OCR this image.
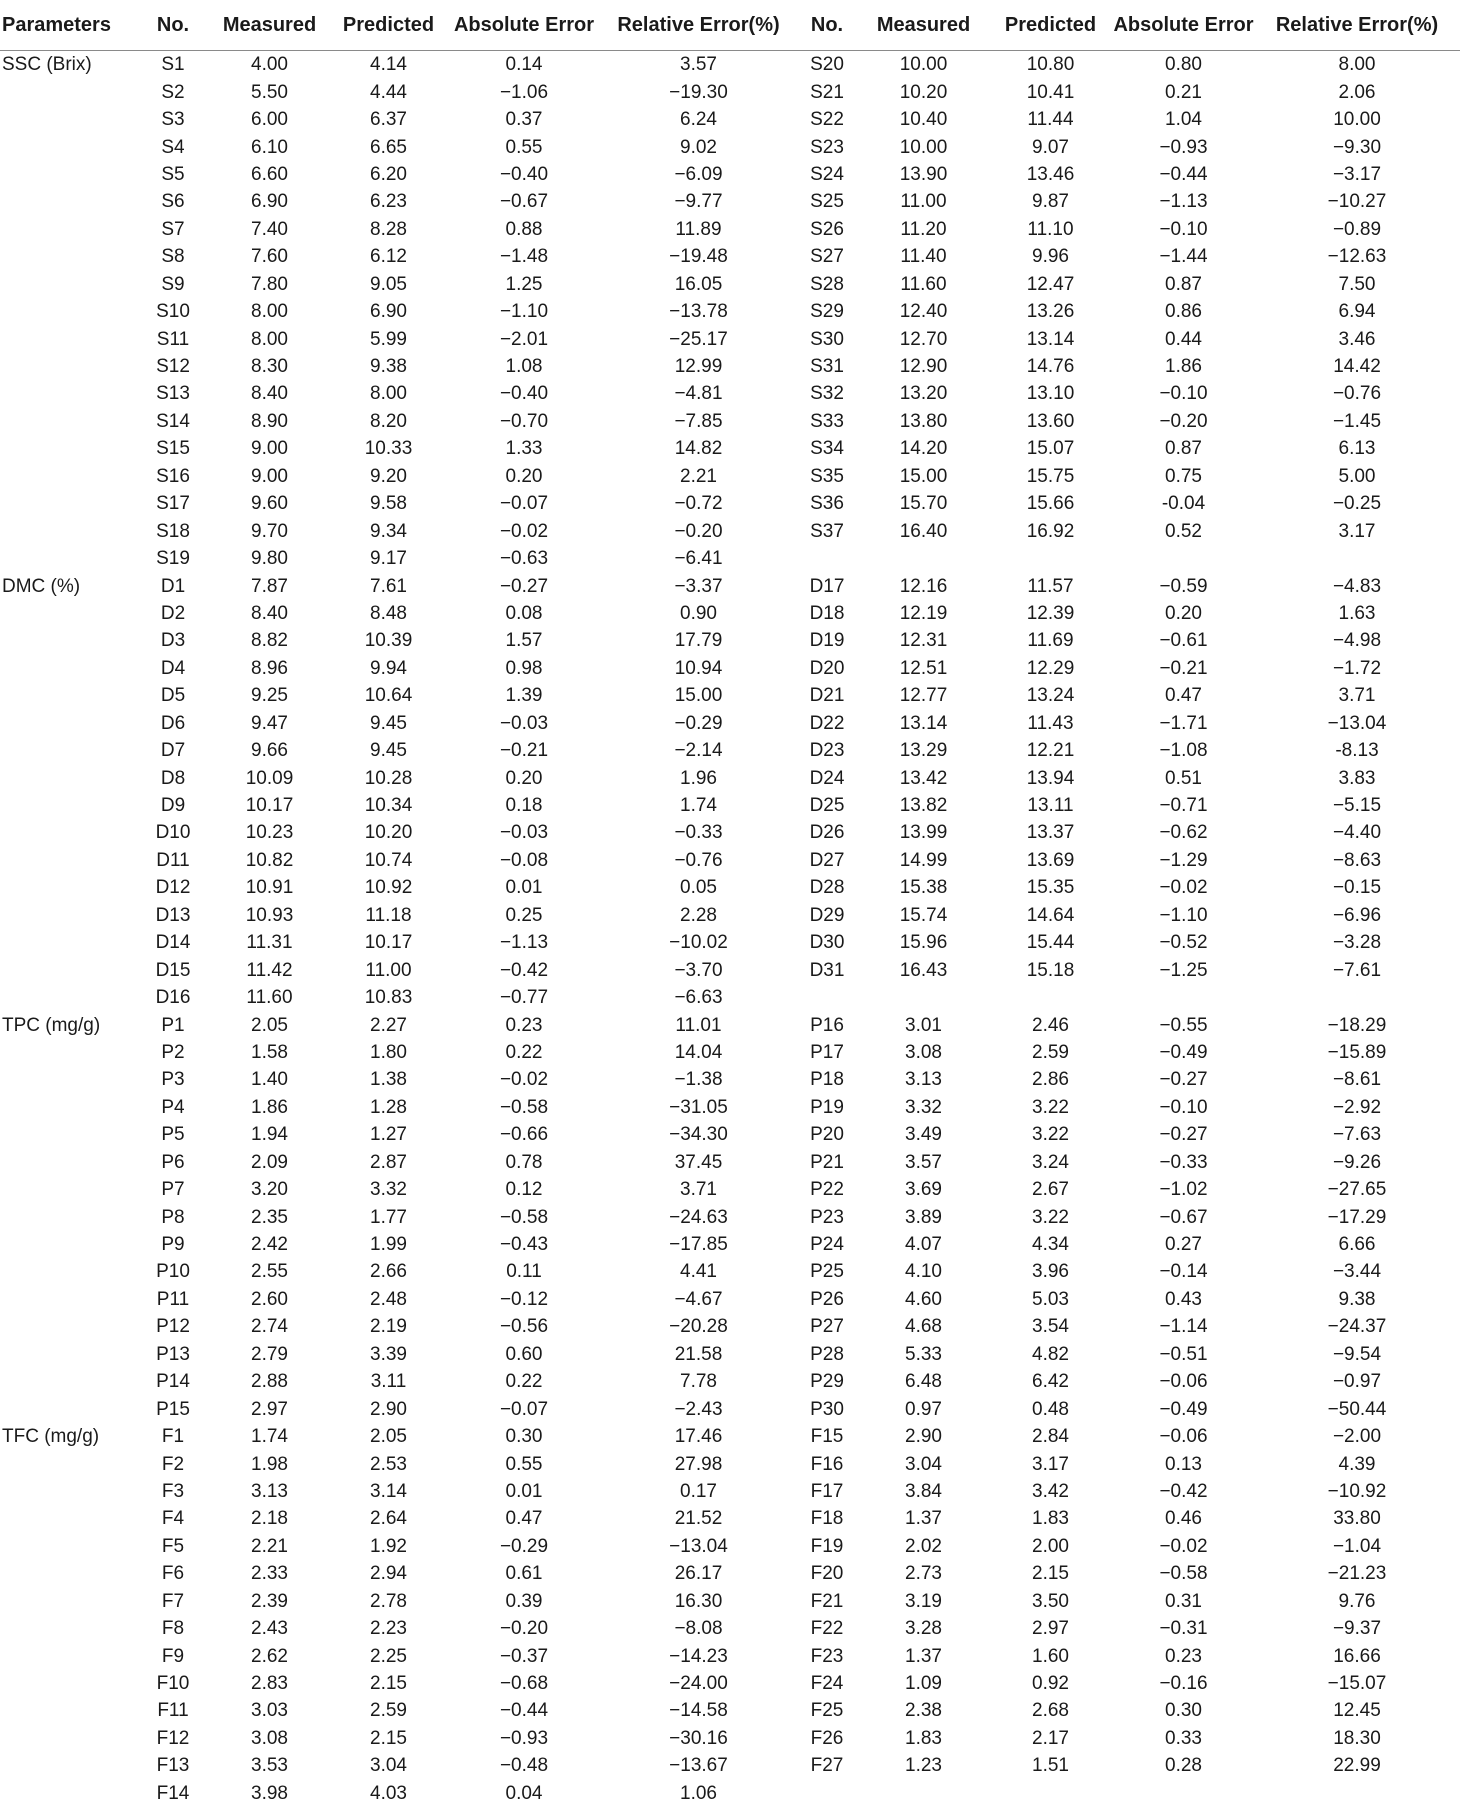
Parameters	No.	Measured	Predicted	Absolute Error	Relative Error(%)	No.	Measured	Predicted	Absolute Error	Relative Error(%)
SSC (Brix)	S1	4.00	4.14	0.14	3.57	S20	10.00	10.80	0.80	8.00
	S2	5.50	4.44	−1.06	−19.30	S21	10.20	10.41	0.21	2.06
	S3	6.00	6.37	0.37	6.24	S22	10.40	11.44	1.04	10.00
	S4	6.10	6.65	0.55	9.02	S23	10.00	9.07	−0.93	−9.30
	S5	6.60	6.20	−0.40	−6.09	S24	13.90	13.46	−0.44	−3.17
	S6	6.90	6.23	−0.67	−9.77	S25	11.00	9.87	−1.13	−10.27
	S7	7.40	8.28	0.88	11.89	S26	11.20	11.10	−0.10	−0.89
	S8	7.60	6.12	−1.48	−19.48	S27	11.40	9.96	−1.44	−12.63
	S9	7.80	9.05	1.25	16.05	S28	11.60	12.47	0.87	7.50
	S10	8.00	6.90	−1.10	−13.78	S29	12.40	13.26	0.86	6.94
	S11	8.00	5.99	−2.01	−25.17	S30	12.70	13.14	0.44	3.46
	S12	8.30	9.38	1.08	12.99	S31	12.90	14.76	1.86	14.42
	S13	8.40	8.00	−0.40	−4.81	S32	13.20	13.10	−0.10	−0.76
	S14	8.90	8.20	−0.70	−7.85	S33	13.80	13.60	−0.20	−1.45
	S15	9.00	10.33	1.33	14.82	S34	14.20	15.07	0.87	6.13
	S16	9.00	9.20	0.20	2.21	S35	15.00	15.75	0.75	5.00
	S17	9.60	9.58	−0.07	−0.72	S36	15.70	15.66	-0.04	−0.25
	S18	9.70	9.34	−0.02	−0.20	S37	16.40	16.92	0.52	3.17
	S19	9.80	9.17	−0.63	−6.41					
DMC (%)	D1	7.87	7.61	−0.27	−3.37	D17	12.16	11.57	−0.59	−4.83
	D2	8.40	8.48	0.08	0.90	D18	12.19	12.39	0.20	1.63
	D3	8.82	10.39	1.57	17.79	D19	12.31	11.69	−0.61	−4.98
	D4	8.96	9.94	0.98	10.94	D20	12.51	12.29	−0.21	−1.72
	D5	9.25	10.64	1.39	15.00	D21	12.77	13.24	0.47	3.71
	D6	9.47	9.45	−0.03	−0.29	D22	13.14	11.43	−1.71	−13.04
	D7	9.66	9.45	−0.21	−2.14	D23	13.29	12.21	−1.08	-8.13
	D8	10.09	10.28	0.20	1.96	D24	13.42	13.94	0.51	3.83
	D9	10.17	10.34	0.18	1.74	D25	13.82	13.11	−0.71	−5.15
	D10	10.23	10.20	−0.03	−0.33	D26	13.99	13.37	−0.62	−4.40
	D11	10.82	10.74	−0.08	−0.76	D27	14.99	13.69	−1.29	−8.63
	D12	10.91	10.92	0.01	0.05	D28	15.38	15.35	−0.02	−0.15
	D13	10.93	11.18	0.25	2.28	D29	15.74	14.64	−1.10	−6.96
	D14	11.31	10.17	−1.13	−10.02	D30	15.96	15.44	−0.52	−3.28
	D15	11.42	11.00	−0.42	−3.70	D31	16.43	15.18	−1.25	−7.61
	D16	11.60	10.83	−0.77	−6.63					
TPC (mg/g)	P1	2.05	2.27	0.23	11.01	P16	3.01	2.46	−0.55	−18.29
	P2	1.58	1.80	0.22	14.04	P17	3.08	2.59	−0.49	−15.89
	P3	1.40	1.38	−0.02	−1.38	P18	3.13	2.86	−0.27	−8.61
	P4	1.86	1.28	−0.58	−31.05	P19	3.32	3.22	−0.10	−2.92
	P5	1.94	1.27	−0.66	−34.30	P20	3.49	3.22	−0.27	−7.63
	P6	2.09	2.87	0.78	37.45	P21	3.57	3.24	−0.33	−9.26
	P7	3.20	3.32	0.12	3.71	P22	3.69	2.67	−1.02	−27.65
	P8	2.35	1.77	−0.58	−24.63	P23	3.89	3.22	−0.67	−17.29
	P9	2.42	1.99	−0.43	−17.85	P24	4.07	4.34	0.27	6.66
	P10	2.55	2.66	0.11	4.41	P25	4.10	3.96	−0.14	−3.44
	P11	2.60	2.48	−0.12	−4.67	P26	4.60	5.03	0.43	9.38
	P12	2.74	2.19	−0.56	−20.28	P27	4.68	3.54	−1.14	−24.37
	P13	2.79	3.39	0.60	21.58	P28	5.33	4.82	−0.51	−9.54
	P14	2.88	3.11	0.22	7.78	P29	6.48	6.42	−0.06	−0.97
	P15	2.97	2.90	−0.07	−2.43	P30	0.97	0.48	−0.49	−50.44
TFC (mg/g)	F1	1.74	2.05	0.30	17.46	F15	2.90	2.84	−0.06	−2.00
	F2	1.98	2.53	0.55	27.98	F16	3.04	3.17	0.13	4.39
	F3	3.13	3.14	0.01	0.17	F17	3.84	3.42	−0.42	−10.92
	F4	2.18	2.64	0.47	21.52	F18	1.37	1.83	0.46	33.80
	F5	2.21	1.92	−0.29	−13.04	F19	2.02	2.00	−0.02	−1.04
	F6	2.33	2.94	0.61	26.17	F20	2.73	2.15	−0.58	−21.23
	F7	2.39	2.78	0.39	16.30	F21	3.19	3.50	0.31	9.76
	F8	2.43	2.23	−0.20	−8.08	F22	3.28	2.97	−0.31	−9.37
	F9	2.62	2.25	−0.37	−14.23	F23	1.37	1.60	0.23	16.66
	F10	2.83	2.15	−0.68	−24.00	F24	1.09	0.92	−0.16	−15.07
	F11	3.03	2.59	−0.44	−14.58	F25	2.38	2.68	0.30	12.45
	F12	3.08	2.15	−0.93	−30.16	F26	1.83	2.17	0.33	18.30
	F13	3.53	3.04	−0.48	−13.67	F27	1.23	1.51	0.28	22.99
	F14	3.98	4.03	0.04	1.06					
